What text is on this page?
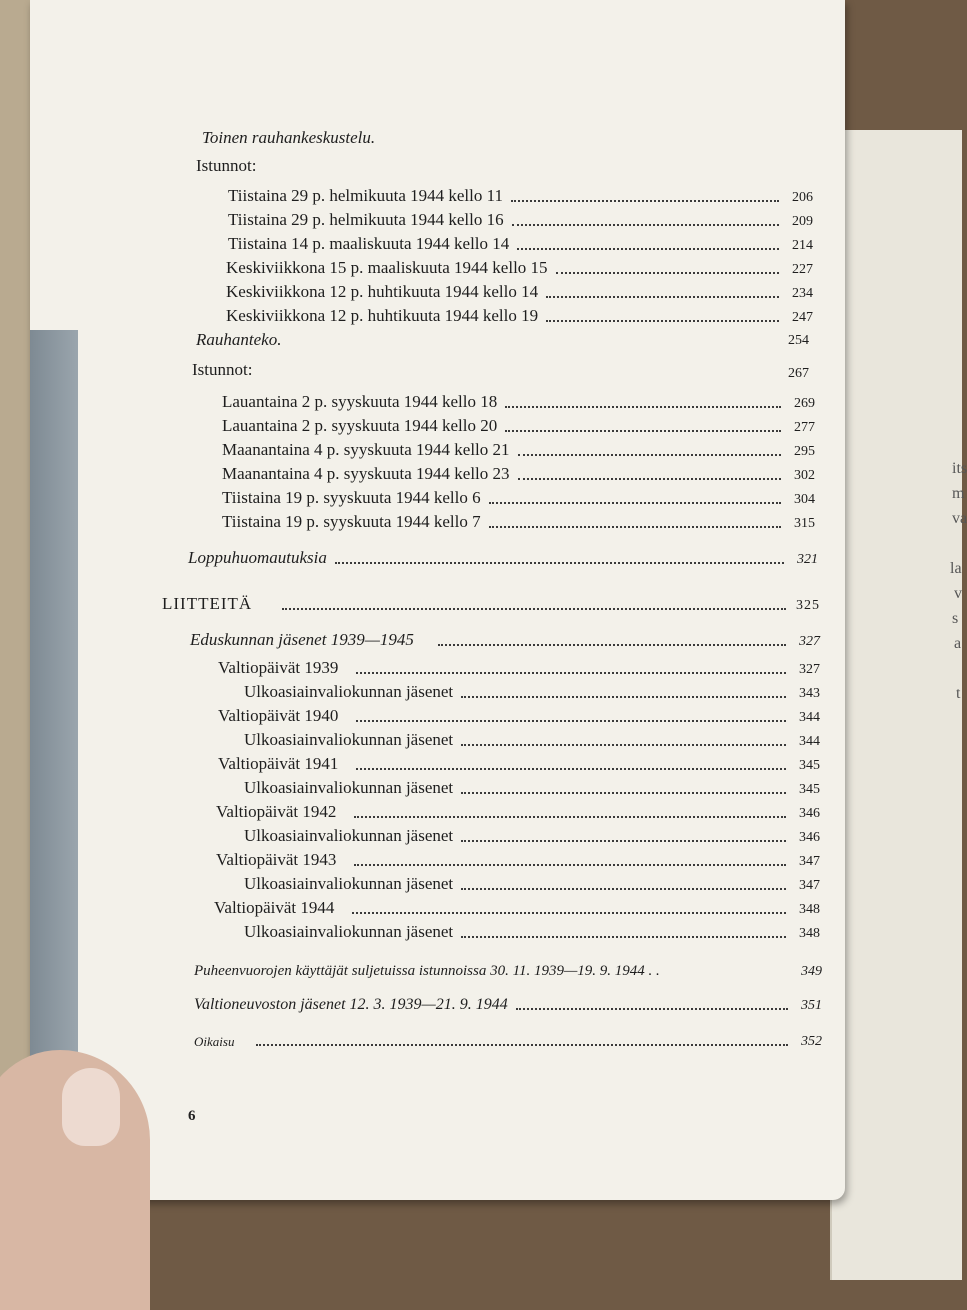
its
m
va
la
v
s
a
t
Toinen rauhankeskustelu.
Istunnot:
Tiistaina 29 p. helmikuuta 1944 kello 11	206
Tiistaina 29 p. helmikuuta 1944 kello 16	209
Tiistaina 14 p. maaliskuuta 1944 kello 14	214
Keskiviikkona 15 p. maaliskuuta 1944 kello 15	227
Keskiviikkona 12 p. huhtikuuta 1944 kello 14	234
Keskiviikkona 12 p. huhtikuuta 1944 kello 19	247
Rauhanteko.	254
Istunnot:	267
Lauantaina 2 p. syyskuuta 1944 kello 18	269
Lauantaina 2 p. syyskuuta 1944 kello 20	277
Maanantaina 4 p. syyskuuta 1944 kello 21	295
Maanantaina 4 p. syyskuuta 1944 kello 23	302
Tiistaina 19 p. syyskuuta 1944 kello 6	304
Tiistaina 19 p. syyskuuta 1944 kello 7	315
Loppuhuomautuksia	321
LIITTEITÄ	325
Eduskunnan jäsenet 1939—1945	327
Valtiopäivät 1939	327
Ulkoasiainvaliokunnan jäsenet	343
Valtiopäivät 1940	344
Ulkoasiainvaliokunnan jäsenet	344
Valtiopäivät 1941	345
Ulkoasiainvaliokunnan jäsenet	345
Valtiopäivät 1942	346
Ulkoasiainvaliokunnan jäsenet	346
Valtiopäivät 1943	347
Ulkoasiainvaliokunnan jäsenet	347
Valtiopäivät 1944	348
Ulkoasiainvaliokunnan jäsenet	348
Puheenvuorojen käyttäjät suljetuissa istunnoissa 30. 11. 1939—19. 9. 1944 . .	349
Valtioneuvoston jäsenet 12. 3. 1939—21. 9. 1944	351
Oikaisu	352
6
